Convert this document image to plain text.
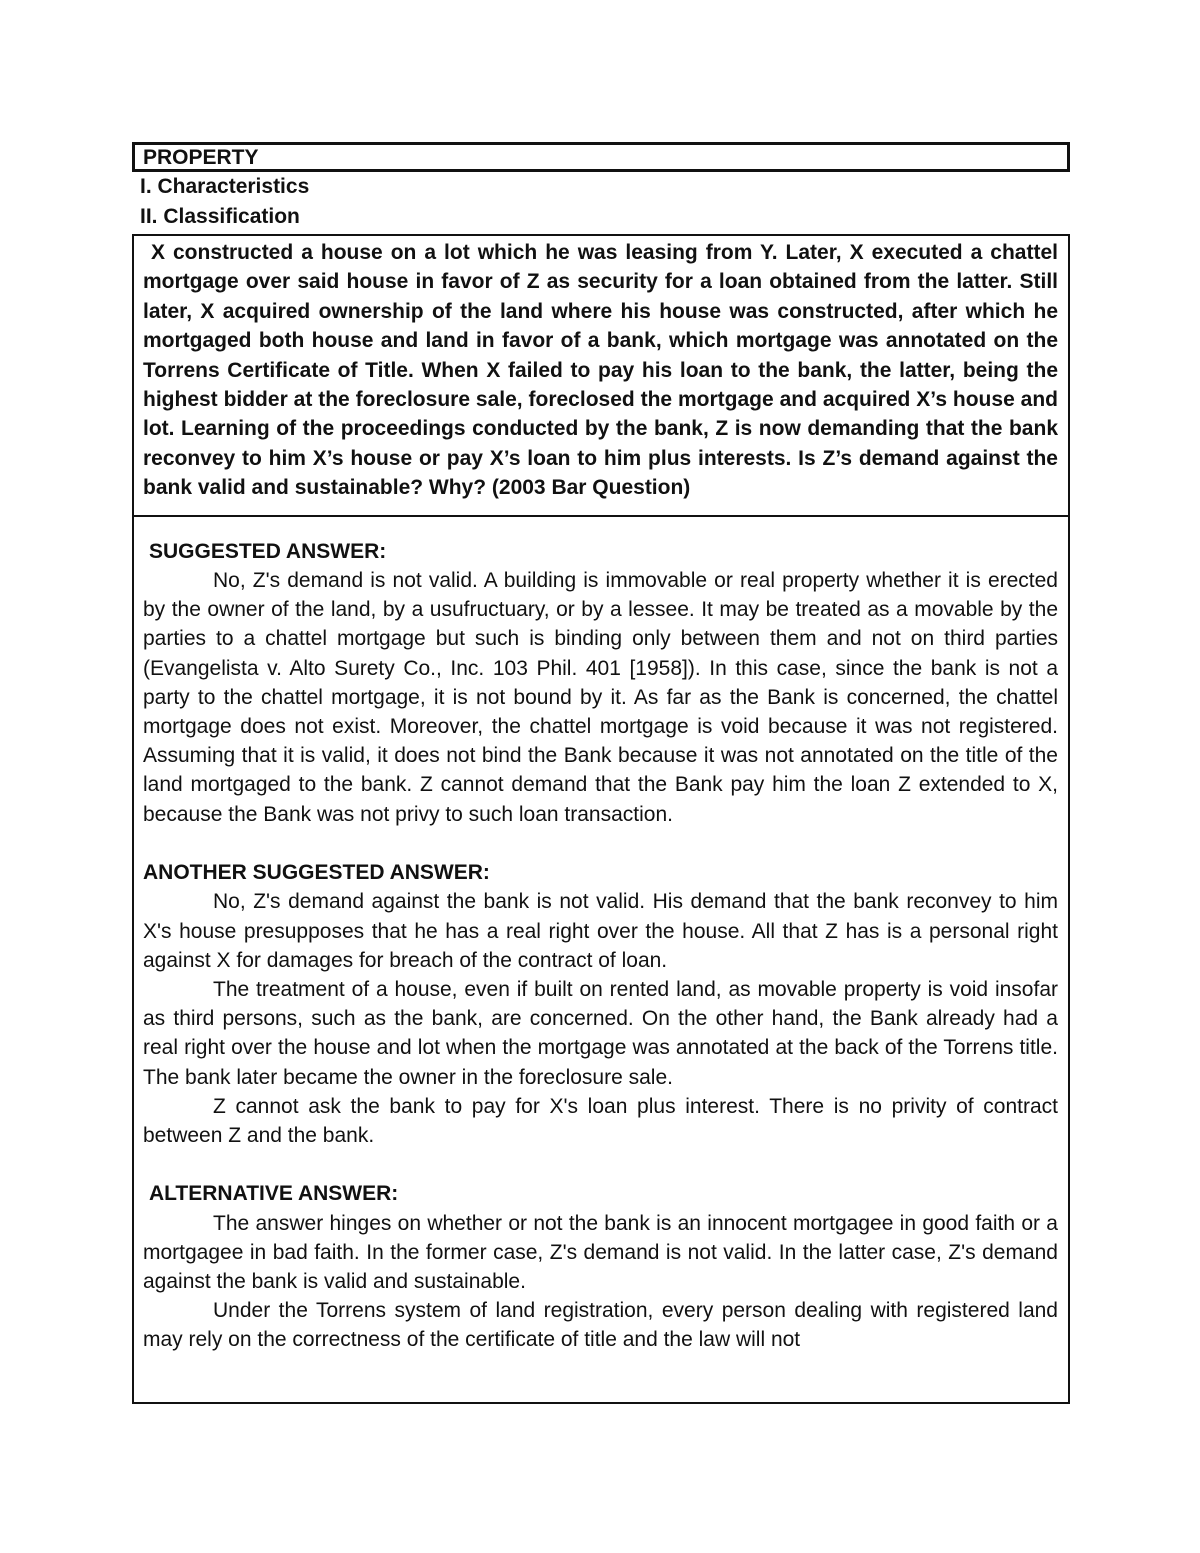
PROPERTY
I. Characteristics
II. Classification

X constructed a house on a lot which he was leasing from Y. Later, X executed a chattel mortgage over said house in favor of Z as security for a loan obtained from the latter. Still later, X acquired ownership of the land where his house was constructed, after which he mortgaged both house and land in favor of a bank, which mortgage was annotated on the Torrens Certificate of Title. When X failed to pay his loan to the bank, the latter, being the highest bidder at the foreclosure sale, foreclosed the mortgage and acquired X’s house and lot. Learning of the proceedings conducted by the bank, Z is now demanding that the bank reconvey to him X’s house or pay X’s loan to him plus interests. Is Z’s demand against the bank valid and sustainable? Why? (2003 Bar Question)

SUGGESTED ANSWER:

No, Z's demand is not valid. A building is immovable or real property whether it is erected by the owner of the land, by a usufructuary, or by a lessee. It may be treated as a movable by the parties to a chattel mortgage but such is binding only between them and not on third parties (Evangelista v. Alto Surety Co., Inc. 103 Phil. 401 [1958]). In this case, since the bank is not a party to the chattel mortgage, it is not bound by it. As far as the Bank is concerned, the chattel mortgage does not exist. Moreover, the chattel mortgage is void because it was not registered. Assuming that it is valid, it does not bind the Bank because it was not annotated on the title of the land mortgaged to the bank. Z cannot demand that the Bank pay him the loan Z extended to X, because the Bank was not privy to such loan transaction.

ANOTHER SUGGESTED ANSWER:

No, Z's demand against the bank is not valid. His demand that the bank reconvey to him X's house presupposes that he has a real right over the house. All that Z has is a personal right against X for damages for breach of the contract of loan.

The treatment of a house, even if built on rented land, as movable property is void insofar as third persons, such as the bank, are concerned. On the other hand, the Bank already had a real right over the house and lot when the mortgage was annotated at the back of the Torrens title. The bank later became the owner in the foreclosure sale.

Z cannot ask the bank to pay for X's loan plus interest. There is no privity of contract between Z and the bank.

ALTERNATIVE ANSWER:

The answer hinges on whether or not the bank is an innocent mortgagee in good faith or a mortgagee in bad faith. In the former case, Z's demand is not valid. In the latter case, Z's demand against the bank is valid and sustainable.

Under the Torrens system of land registration, every person dealing with registered land may rely on the correctness of the certificate of title and the law will not
